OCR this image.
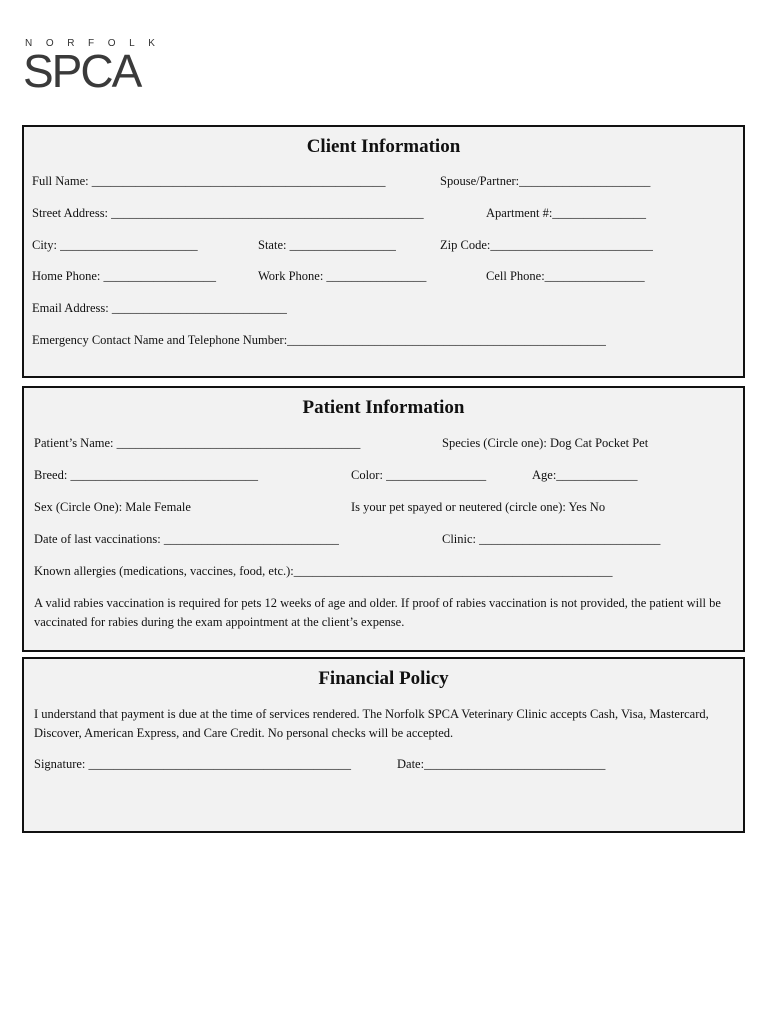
NORFOLK
SPCA
Client Information
Full Name: _______________________________________________	Spouse/Partner:_____________________
Street Address: __________________________________________________	Apartment #:_______________
City: ______________________	State: _________________	Zip Code:__________________________
Home Phone: __________________	Work Phone: ________________	Cell Phone:________________
Email Address: ____________________________
Emergency Contact Name and Telephone Number:___________________________________________________
Patient Information
Patient’s Name: _______________________________________	Species (Circle one): Dog Cat Pocket Pet
Breed: ______________________________	Color: ________________	Age:_____________
Sex (Circle One): Male Female	Is your pet spayed or neutered (circle one): Yes No
Date of last vaccinations: ____________________________	Clinic: _____________________________
Known allergies (medications, vaccines, food, etc.):___________________________________________________
A valid rabies vaccination is required for pets 12 weeks of age and older. If proof of rabies vaccination is not provided, the patient will be vaccinated for rabies during the exam appointment at the client’s expense.
Financial Policy
I understand that payment is due at the time of services rendered. The Norfolk SPCA Veterinary Clinic accepts Cash, Visa, Mastercard, Discover, American Express, and Care Credit. No personal checks will be accepted.
Signature: __________________________________________	Date:_____________________________
